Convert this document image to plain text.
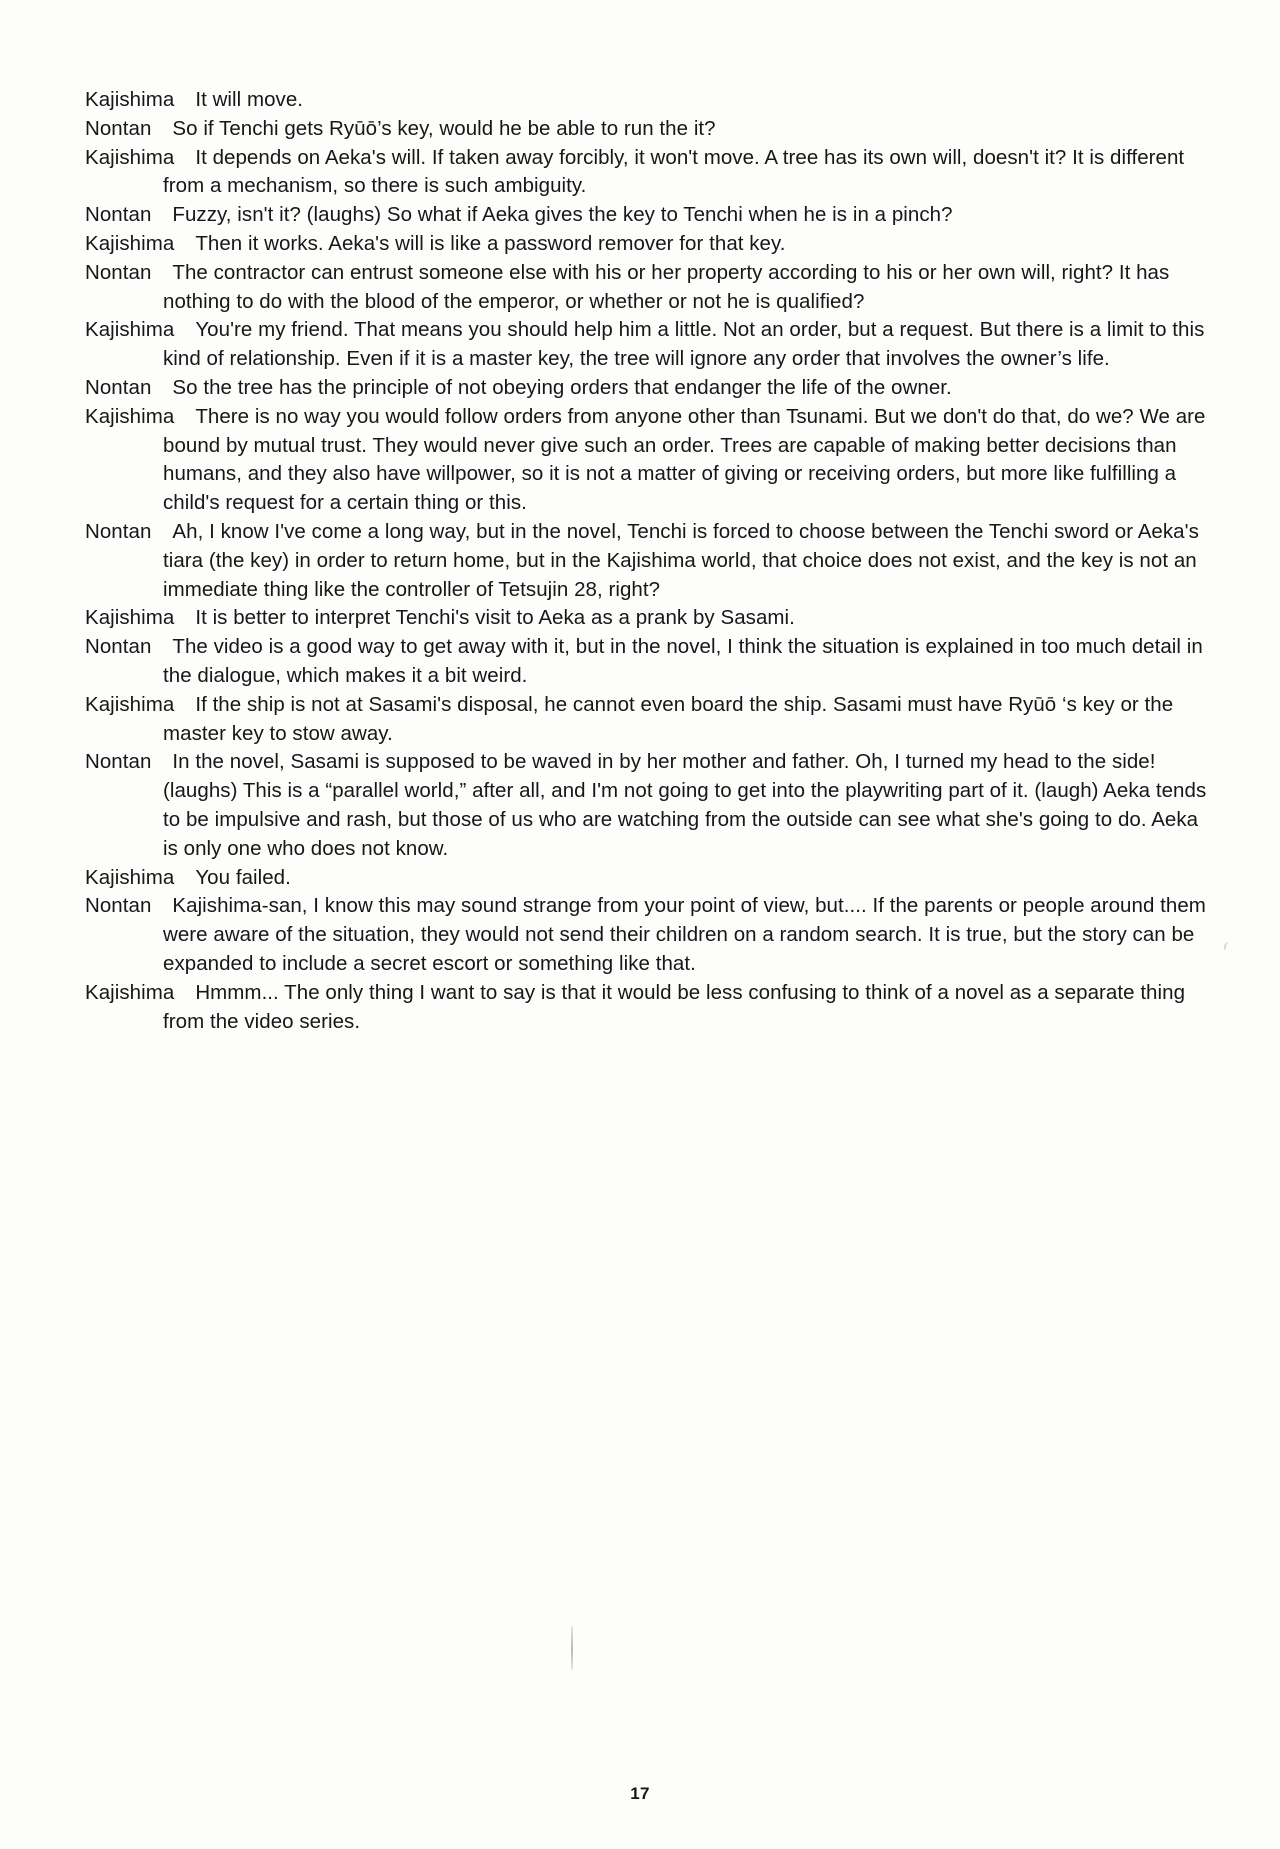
Kajishima It will move.

Nontan So if Tenchi gets Ryūō’s key, would he be able to run the it?

Kajishima It depends on Aeka's will. If taken away forcibly, it won't move. A tree has its own will, doesn't it? It is different from a mechanism, so there is such ambiguity.

Nontan Fuzzy, isn't it? (laughs) So what if Aeka gives the key to Tenchi when he is in a pinch?

Kajishima Then it works. Aeka's will is like a password remover for that key.

Nontan The contractor can entrust someone else with his or her property according to his or her own will, right? It has nothing to do with the blood of the emperor, or whether or not he is qualified?

Kajishima You're my friend. That means you should help him a little. Not an order, but a request. But there is a limit to this kind of relationship. Even if it is a master key, the tree will ignore any order that involves the owner’s life.

Nontan So the tree has the principle of not obeying orders that endanger the life of the owner.

Kajishima There is no way you would follow orders from anyone other than Tsunami. But we don't do that, do we? We are bound by mutual trust. They would never give such an order. Trees are capable of making better decisions than humans, and they also have willpower, so it is not a matter of giving or receiving orders, but more like fulfilling a child's request for a certain thing or this.

Nontan Ah, I know I've come a long way, but in the novel, Tenchi is forced to choose between the Tenchi sword or Aeka's tiara (the key) in order to return home, but in the Kajishima world, that choice does not exist, and the key is not an immediate thing like the controller of Tetsujin 28, right?

Kajishima It is better to interpret Tenchi's visit to Aeka as a prank by Sasami.

Nontan The video is a good way to get away with it, but in the novel, I think the situation is explained in too much detail in the dialogue, which makes it a bit weird.

Kajishima If the ship is not at Sasami's disposal, he cannot even board the ship. Sasami must have Ryūō ‘s key or the master key to stow away.

Nontan In the novel, Sasami is supposed to be waved in by her mother and father. Oh, I turned my head to the side! (laughs) This is a “parallel world,” after all, and I'm not going to get into the playwriting part of it. (laugh) Aeka tends to be impulsive and rash, but those of us who are watching from the outside can see what she's going to do. Aeka is only one who does not know.

Kajishima You failed.

Nontan Kajishima-san, I know this may sound strange from your point of view, but.... If the parents or people around them were aware of the situation, they would not send their children on a random search. It is true, but the story can be expanded to include a secret escort or something like that.

Kajishima Hmmm... The only thing I want to say is that it would be less confusing to think of a novel as a separate thing from the video series.

17
